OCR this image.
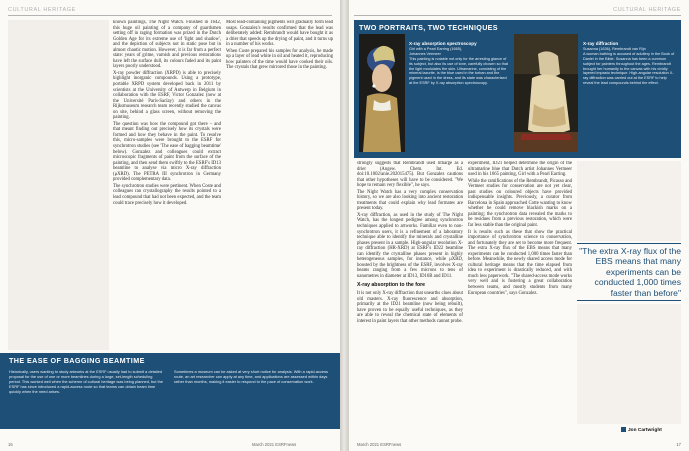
CULTURAL HERITAGE

known paintings, The Night Watch. Finished in 1642, this huge oil painting of a company of guardsmen setting off in raging formation was prized in the Dutch Golden Age for its extreme use of 'light and shadow', and the depiction of subjects not in static pose but in almost chaotic motion. However, it is far from a perfect state: years of grime, varnish and previous restorations have left the surface dull, its colours faded and its paint layers poorly understood.

X-ray powder diffraction (XRPD) is able to precisely highlight inorganic compounds. Using a prototype, portable XRPD system developed back in 2011 by scientists at the University of Antwerp in Belgium in collaboration with the ESRF, Victor Gonzalez (now at the Université Paris-Saclay) and others in the Rijksmuseum research team recently studied the canvas on site, behind a glass screen, without removing the painting.

The question was how the compound got there – and that meant finding out precisely how its crystals were formed and how they behave in the paint. To resolve this, micro-samples were brought to the ESRF for synchrotron studies (see 'The ease of bagging beamtime' below). Gonzalez and colleagues could extract microscopic fragments of paint from the surface of the painting, and then send them swiftly to the ESRF's ID13 beamline to analyse via micro X-ray diffraction (μXRD). The PETRA III synchrotron in Germany provided complementary data.

The synchrotron studies were pertinent. When Coste and colleagues ran crystallography the results pointed to a lead compound that had not been expected, and the team could trace precisely how it developed.

Most lead-containing pigments will gradually form lead soaps. Gonzalez's results confirmed that the lead was deliberately added: Rembrandt would have bought it as a drier that speeds up the drying of paint, and it turns up in a number of his works.

When Coste prepared his samples for analysis, he made up a layer of lead white in oil and heated it, reproducing how painters of the time would have cooked their oils. The crystals that grew mirrored those in the painting.

THE EASE OF BAGGING BEAMTIME
Historically, users wanting to study artworks at the ESRF usually had to submit a detailed proposal for the use of one or more beamlines during a large, set-length scheduling period. This worked well when the scheme of cultural heritage was being planned, but the ESRF has since introduced a rapid-access route so that teams can obtain beam time quickly when the need arises.
Sometimes a museum can be asked at very short notice for analysis. With a rapid-access route, an art researcher can apply at any time, and applications are assessed within days rather than months, making it easier to respond to the pace of conservation work.
16	March 2021 ESRFnews
CULTURAL HERITAGE
TWO PORTRAITS, TWO TECHNIQUES
X-ray absorption spectroscopy
Girl with a Pearl Earring (1665),
Johannes Vermeer
This painting is notable not only for the arresting glance of its subject, but also its use of tone, carefully chosen so that the light modulates the skin. Ultramarine, consisting of the mineral lazurite, is the blue used in the turban and the pigment used in the dress, and its state was characterised at the ESRF by X-ray absorption spectroscopy.
X-ray diffraction
Susanna (1636), Rembrandt van Rijn
A woman bathing is accused of adultery in the Book of Daniel in the Bible. Susanna has been a common subject for painters throughout the ages. Rembrandt brought her humanity to the canvas with his vividly layered impasto technique. High-angular resolution X-ray diffraction was carried out at the ESRF to help reveal the lead compounds behind the effect.

strongly suggests that Rembrandt used litharge as a drier (Angew. Chem. Int. Ed. doi:10.1002/anie.202015475). But Gonzalez cautions that other hypotheses will have to be considered. "We hope to remain very flexible", he says.

The Night Watch has a very complex conservation history, so we are also looking into ancient restoration treatments that could explain why lead formates are present today.

X-ray diffraction, as used in the study of The Night Watch, has the longest pedigree among synchrotron techniques applied to artworks. Familiar even to non-synchrotron users, it is a refinement of a laboratory technique able to identify the minerals and crystalline phases present in a sample. High-angular resolution X-ray diffraction (HR-XRD) at ESRF's ID22 beamline can identify the crystalline phases present in highly heterogeneous samples, for instance, while μXRD, boosted by the brightness of the ESRF, involves X-ray beams ranging from a few microns to tens of nanometres in diameter at ID13, ID16B and ID11.

X-ray absorption to the fore

It is not only X-ray diffraction that unearths clues about old masters. X-ray fluorescence and absorption, primarily at the ID21 beamline (now being rebuilt), have proven to be equally useful techniques, as they are able to reveal the chemical state of elements of interest in paint layers that other methods cannot probe.

experiment, ID21 helped determine the origin of the ultramarine blue that Dutch artist Johannes Vermeer used in his 1665 painting, Girl with a Pearl Earring.

While the ramifications of the Rembrandt, Picasso and Vermeer studies for conservation are not yet clear, past studies on coloured objects have provided indispensable insights. Previously, a curator from Barcelona in Spain approached Cotte wanting to know whether he could remove blackish marks on a painting; the synchrotron data revealed the marks to be residues from a previous restoration, which were far less stable than the original paint.

It is results such as these that show the practical importance of synchrotron science to conservation, and fortunately they are set to become more frequent. The extra X-ray flux of the EBS means that many experiments can be conducted 1,000 times faster than before. Meanwhile, the newly shared access mode for cultural heritage means that the time elapsed from idea to experiment is drastically reduced, and with much less paperwork. "The shared-access mode works very well and is fostering a great collaboration between teams, and mostly students from many European countries", says Gonzalez.

"The extra X-ray flux of the EBS means that many experiments can be conducted 1,000 times faster than before"
Jon Cartwright
March 2021 ESRFnews	17
